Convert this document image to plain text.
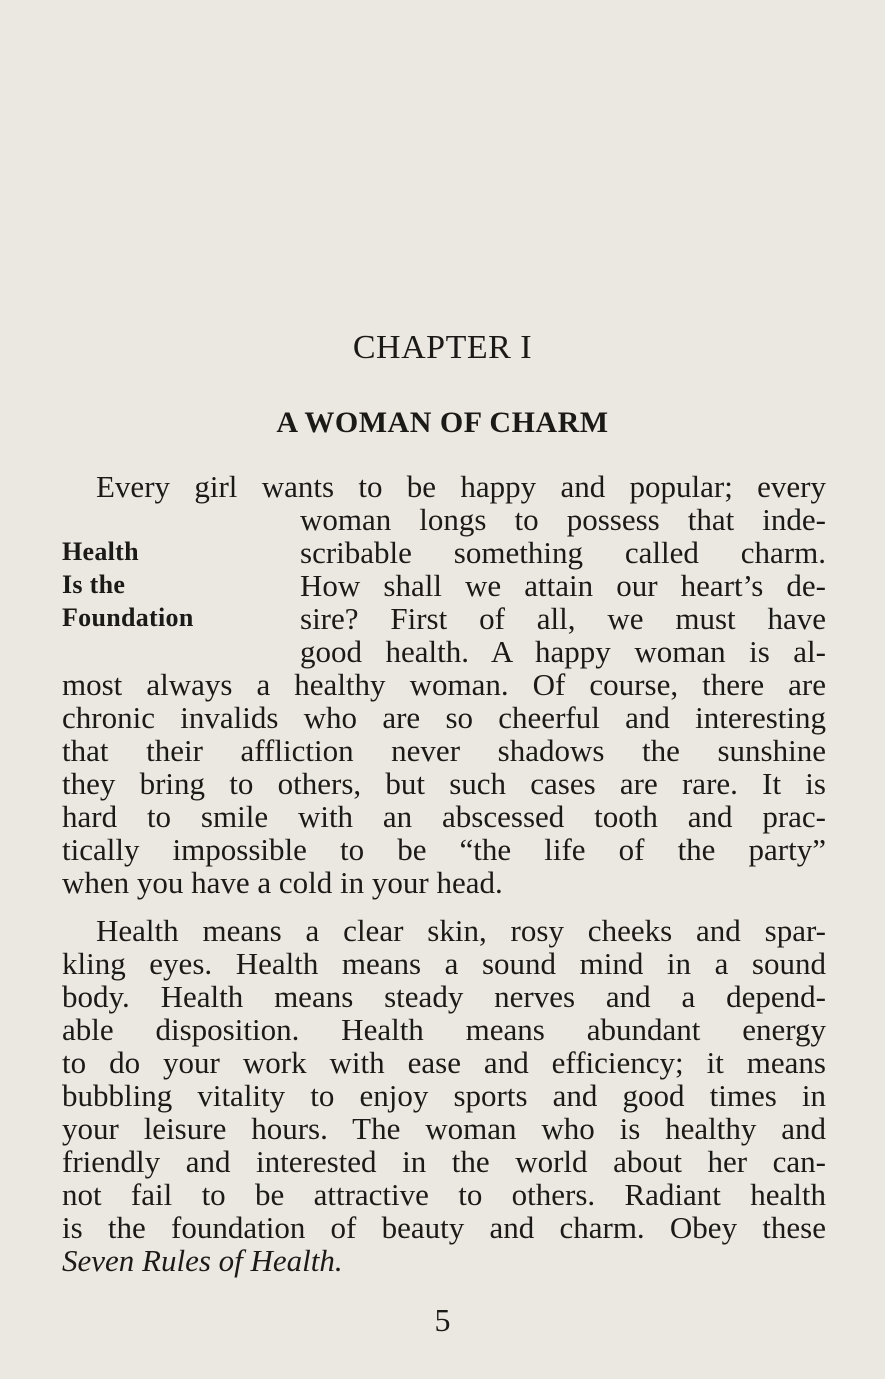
CHAPTER I
A WOMAN OF CHARM
Health
Is the
Foundation
Every girl wants to be happy and popular; every
woman longs to possess that inde-
scribable something called charm.
How shall we attain our heart’s de-
sire? First of all, we must have
good health. A happy woman is al-
most always a healthy woman. Of course, there are
chronic invalids who are so cheerful and interesting
that their affliction never shadows the sunshine
they bring to others, but such cases are rare. It is
hard to smile with an abscessed tooth and prac-
tically impossible to be “the life of the party”
when you have a cold in your head.
Health means a clear skin, rosy cheeks and spar-
kling eyes. Health means a sound mind in a sound
body. Health means steady nerves and a depend-
able disposition. Health means abundant energy
to do your work with ease and efficiency; it means
bubbling vitality to enjoy sports and good times in
your leisure hours. The woman who is healthy and
friendly and interested in the world about her can-
not fail to be attractive to others. Radiant health
is the foundation of beauty and charm. Obey these
Seven Rules of Health.
5
